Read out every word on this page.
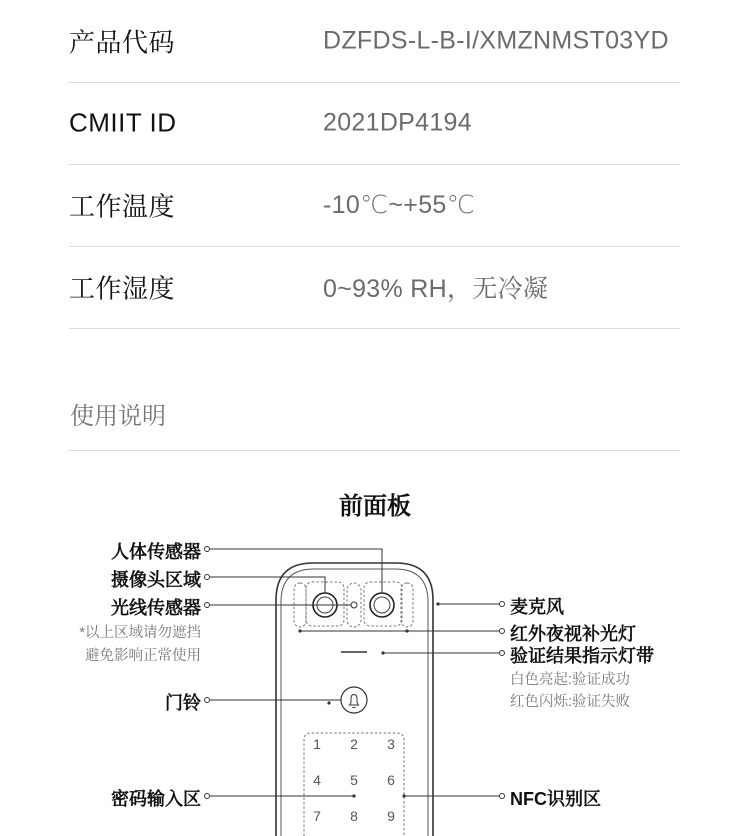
产品代码	DZFDS-L-B-I/XMZNMST03YD
CMIIT ID	2021DP4194
工作温度	-10℃~+55℃
工作湿度	0~93% RH，无冷凝
使用说明
前面板
1 2 3
4 5 6
7 8 9
人体传感器
摄像头区域
光线传感器
*以上区域请勿遮挡
避免影响正常使用
门铃
密码输入区
麦克风
红外夜视补光灯
验证结果指示灯带
白色亮起:验证成功
红色闪烁:验证失败
NFC识别区
